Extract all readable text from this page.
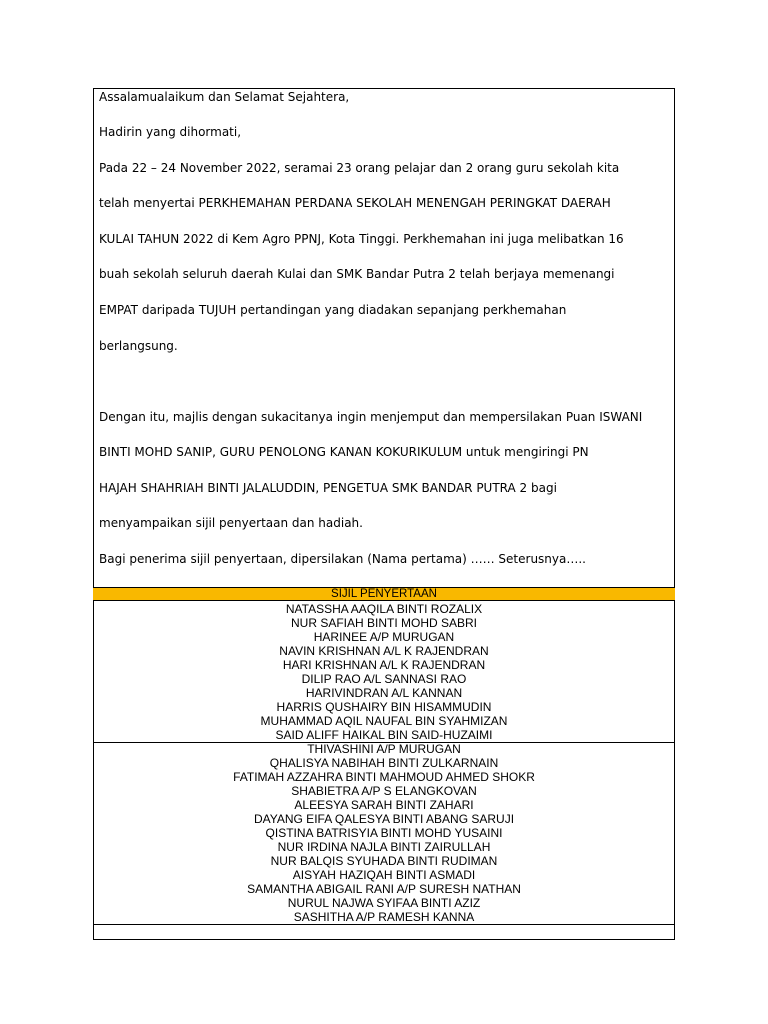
Assalamualaikum dan Selamat Sejahtera,
Hadirin yang dihormati,
Pada 22 – 24 November 2022, seramai 23 orang pelajar dan 2 orang guru sekolah kita
telah menyertai PERKHEMAHAN PERDANA SEKOLAH MENENGAH PERINGKAT DAERAH
KULAI TAHUN 2022 di Kem Agro PPNJ, Kota Tinggi. Perkhemahan ini juga melibatkan 16
buah sekolah seluruh daerah Kulai dan SMK Bandar Putra 2 telah berjaya memenangi
EMPAT daripada TUJUH pertandingan yang diadakan sepanjang perkhemahan
berlangsung.
Dengan itu, majlis dengan sukacitanya ingin menjemput dan mempersilakan Puan ISWANI
BINTI MOHD SANIP, GURU PENOLONG KANAN KOKURIKULUM untuk mengiringi PN
HAJAH SHAHRIAH BINTI JALALUDDIN, PENGETUA SMK BANDAR PUTRA 2 bagi
menyampaikan sijil penyertaan dan hadiah.
Bagi penerima sijil penyertaan, dipersilakan (Nama pertama) …… Seterusnya…..
SIJIL PENYERTAAN
NATASSHA AAQILA BINTI ROZALIX
NUR SAFIAH BINTI MOHD SABRI
HARINEE A/P MURUGAN
NAVIN KRISHNAN A/L K RAJENDRAN
HARI KRISHNAN A/L K RAJENDRAN
DILIP RAO A/L SANNASI RAO
HARIVINDRAN A/L KANNAN
HARRIS QUSHAIRY BIN HISAMMUDIN
MUHAMMAD AQIL NAUFAL BIN SYAHMIZAN
SAID ALIFF HAIKAL BIN SAID-HUZAIMI
THIVASHINI A/P MURUGAN
QHALISYA NABIHAH BINTI ZULKARNAIN
FATIMAH AZZAHRA BINTI MAHMOUD AHMED SHOKR
SHABIETRA A/P S ELANGKOVAN
ALEESYA SARAH BINTI ZAHARI
DAYANG EIFA QALESYA BINTI ABANG SARUJI
QISTINA BATRISYIA BINTI MOHD YUSAINI
NUR IRDINA NAJLA BINTI ZAIRULLAH
NUR BALQIS SYUHADA BINTI RUDIMAN
AISYAH HAZIQAH BINTI ASMADI
SAMANTHA ABIGAIL RANI A/P SURESH NATHAN
NURUL NAJWA SYIFAA BINTI AZIZ
SASHITHA A/P RAMESH KANNA
